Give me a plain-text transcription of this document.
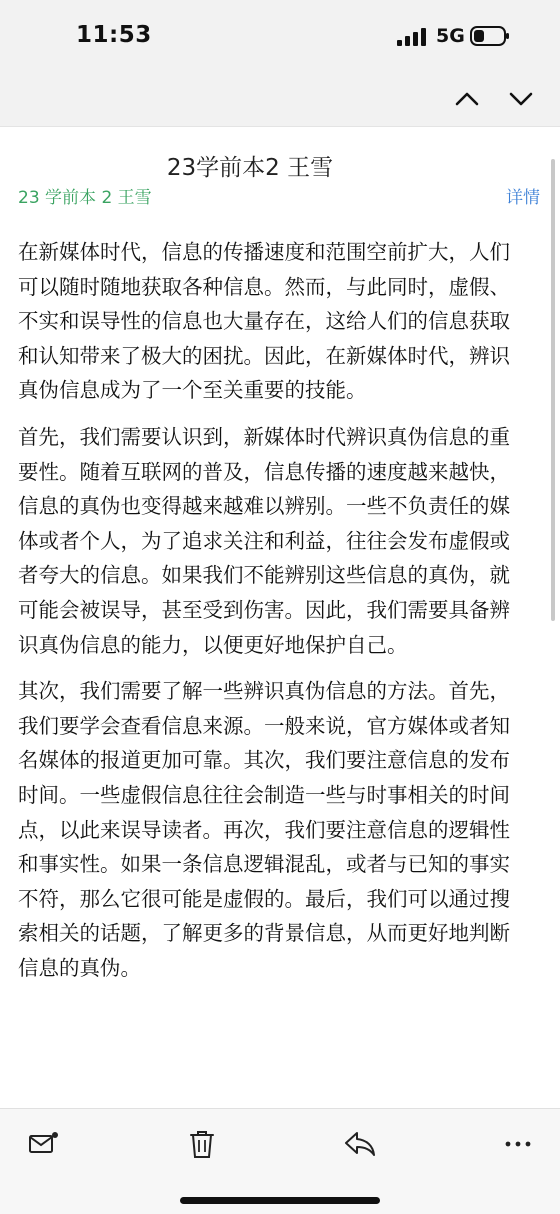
11:53	5G
23学前本2 王雪
23 学前本 2 王雪	详情

在新媒体时代，信息的传播速度和范围空前扩大，人们可以随时随地获取各种信息。然而，与此同时，虚假、不实和误导性的信息也大量存在，这给人们的信息获取和认知带来了极大的困扰。因此，在新媒体时代，辨识真伪信息成为了一个至关重要的技能。

首先，我们需要认识到，新媒体时代辨识真伪信息的重要性。随着互联网的普及，信息传播的速度越来越快，信息的真伪也变得越来越难以辨别。一些不负责任的媒体或者个人，为了追求关注和利益，往往会发布虚假或者夸大的信息。如果我们不能辨别这些信息的真伪，就可能会被误导，甚至受到伤害。因此，我们需要具备辨识真伪信息的能力，以便更好地保护自己。

其次，我们需要了解一些辨识真伪信息的方法。首先，我们要学会查看信息来源。一般来说，官方媒体或者知名媒体的报道更加可靠。其次，我们要注意信息的发布时间。一些虚假信息往往会制造一些与时事相关的时间点，以此来误导读者。再次，我们要注意信息的逻辑性和事实性。如果一条信息逻辑混乱，或者与已知的事实不符，那么它很可能是虚假的。最后，我们可以通过搜索相关的话题，了解更多的背景信息，从而更好地判断信息的真伪。
